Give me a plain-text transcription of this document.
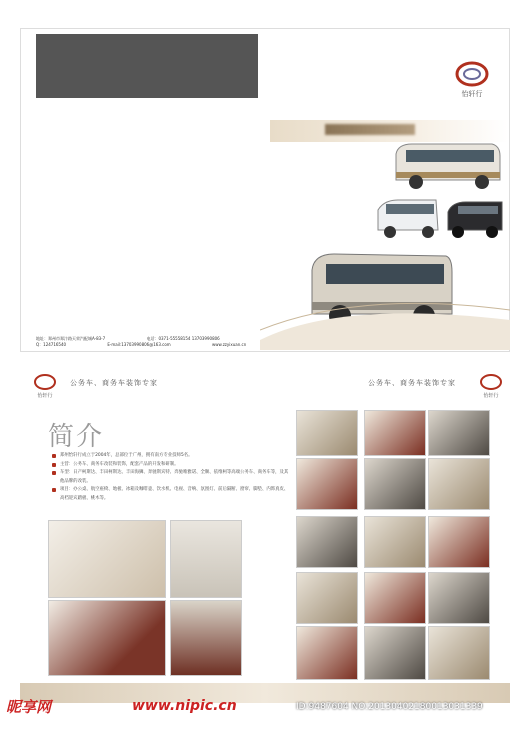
地址：郑州市郑汴路天荣汽配城A-83-7	电话：0371-55558154 13703990806
Q：124716540	E-mail:13703990806@163.com	www.zzyixuan.cn
怡轩行
怡轩行
公务车、商务车装饰专家	公务车、商务车装饰专家
怡轩行
简介
郑州怡轩行成立于2004年，总部位于广州，拥有南方专业技师5名。
主营：公务车、商务车改装和装饰，配套产品的开发和研制。
车型：日产柯斯达、丰田柯斯达、丰田海狮、奔驰斯宾特、奔驰唯雅诺、全顺、依维柯等高端公务车、商务车等，及其他品牌的改装。
项目：办公桌、航空座椅、地板、冰箱及咖啡壶、饮水机、电视、音响、氛围灯、前后隔断、窗帘、脚垫、内饰真皮、高档迎宾踏板、桃木等。
昵享网	www.nipic.cn	ID:9487604 NO:20130402180013031339
